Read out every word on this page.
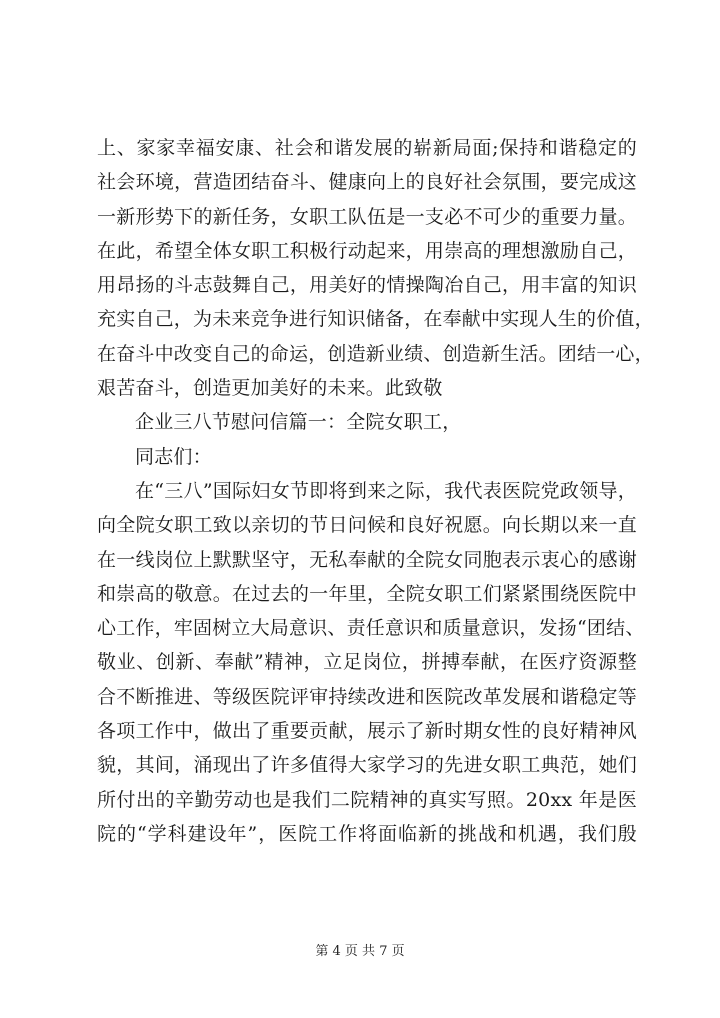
上、家家幸福安康、社会和谐发展的崭新局面;保持和谐稳定的
社会环境，营造团结奋斗、健康向上的良好社会氛围，要完成这
一新形势下的新任务，女职工队伍是一支必不可少的重要力量。
在此，希望全体女职工积极行动起来，用崇高的理想激励自己，
用昂扬的斗志鼓舞自己，用美好的情操陶冶自己，用丰富的知识
充实自己，为未来竞争进行知识储备，在奉献中实现人生的价值，
在奋斗中改变自己的命运，创造新业绩、创造新生活。团结一心，
艰苦奋斗，创造更加美好的未来。此致敬
企业三八节慰问信篇一：全院女职工，
同志们：
在“三八”国际妇女节即将到来之际，我代表医院党政领导，
向全院女职工致以亲切的节日问候和良好祝愿。向长期以来一直
在一线岗位上默默坚守，无私奉献的全院女同胞表示衷心的感谢
和崇高的敬意。在过去的一年里，全院女职工们紧紧围绕医院中
心工作，牢固树立大局意识、责任意识和质量意识，发扬“团结、
敬业、创新、奉献”精神，立足岗位，拼搏奉献，在医疗资源整
合不断推进、等级医院评审持续改进和医院改革发展和谐稳定等
各项工作中，做出了重要贡献，展示了新时期女性的良好精神风
貌，其间，涌现出了许多值得大家学习的先进女职工典范，她们
所付出的辛勤劳动也是我们二院精神的真实写照。20xx 年是医
院的“学科建设年”，医院工作将面临新的挑战和机遇，我们殷
第 4 页 共 7 页
